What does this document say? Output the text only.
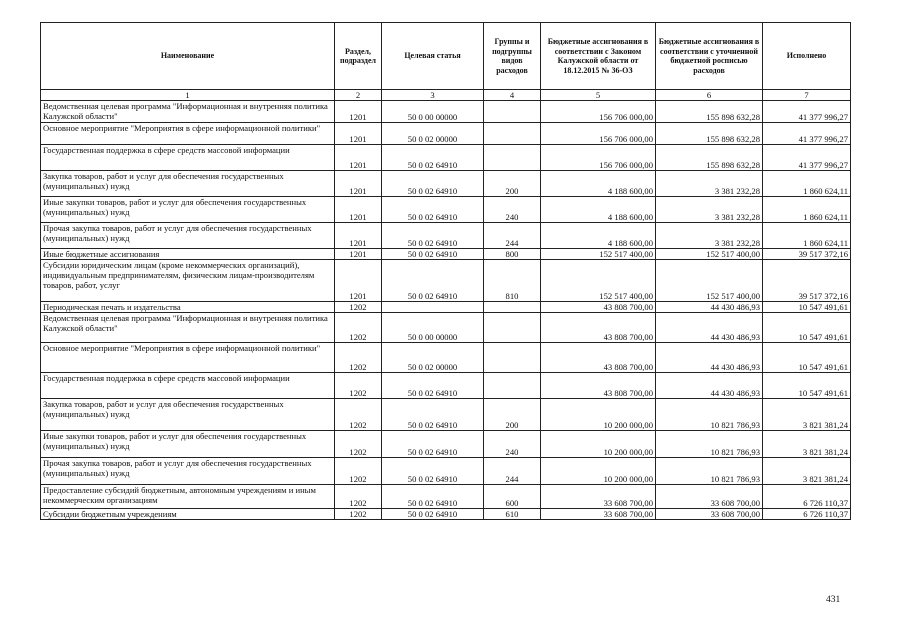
Наименование	Раздел, подраздел	Целевая статья	Группы и подгруппы видов расходов	Бюджетные ассигнования в соответствии с Законом Калужской области от 18.12.2015 № 36-ОЗ	Бюджетные ассигнования в соответствии с уточненной бюджетной росписью расходов	Исполнено
1	2	3	4	5	6	7
Ведомственная целевая программа "Информационная и внутренняя политика Калужской области"	1201	50 0 00 00000		156 706 000,00	155 898 632,28	41 377 996,27
Основное мероприятие "Мероприятия в сфере информационной политики"	1201	50 0 02 00000		156 706 000,00	155 898 632,28	41 377 996,27
Государственная поддержка в сфере средств массовой информации	1201	50 0 02 64910		156 706 000,00	155 898 632,28	41 377 996,27
Закупка товаров, работ и услуг для обеспечения государственных (муниципальных) нужд	1201	50 0 02 64910	200	4 188 600,00	3 381 232,28	1 860 624,11
Иные закупки товаров, работ и услуг для обеспечения государственных (муниципальных) нужд	1201	50 0 02 64910	240	4 188 600,00	3 381 232,28	1 860 624,11
Прочая закупка товаров, работ и услуг для обеспечения государственных (муниципальных) нужд	1201	50 0 02 64910	244	4 188 600,00	3 381 232,28	1 860 624,11
Иные бюджетные ассигнования	1201	50 0 02 64910	800	152 517 400,00	152 517 400,00	39 517 372,16
Субсидии юридическим лицам (кроме некоммерческих организаций), индивидуальным предпринимателям, физическим лицам-производителям товаров, работ, услуг	1201	50 0 02 64910	810	152 517 400,00	152 517 400,00	39 517 372,16
Периодическая печать и издательства	1202			43 808 700,00	44 430 486,93	10 547 491,61
Ведомственная целевая программа "Информационная и внутренняя политика Калужской области"	1202	50 0 00 00000		43 808 700,00	44 430 486,93	10 547 491,61
Основное мероприятие "Мероприятия в сфере информационной политики"	1202	50 0 02 00000		43 808 700,00	44 430 486,93	10 547 491,61
Государственная поддержка в сфере средств массовой информации	1202	50 0 02 64910		43 808 700,00	44 430 486,93	10 547 491,61
Закупка товаров, работ и услуг для обеспечения государственных (муниципальных) нужд	1202	50 0 02 64910	200	10 200 000,00	10 821 786,93	3 821 381,24
Иные закупки товаров, работ и услуг для обеспечения государственных (муниципальных) нужд	1202	50 0 02 64910	240	10 200 000,00	10 821 786,93	3 821 381,24
Прочая закупка товаров, работ и услуг для обеспечения государственных (муниципальных) нужд	1202	50 0 02 64910	244	10 200 000,00	10 821 786,93	3 821 381,24
Предоставление субсидий бюджетным, автономным учреждениям и иным некоммерческим организациям	1202	50 0 02 64910	600	33 608 700,00	33 608 700,00	6 726 110,37
Субсидии бюджетным учреждениям	1202	50 0 02 64910	610	33 608 700,00	33 608 700,00	6 726 110,37
431
